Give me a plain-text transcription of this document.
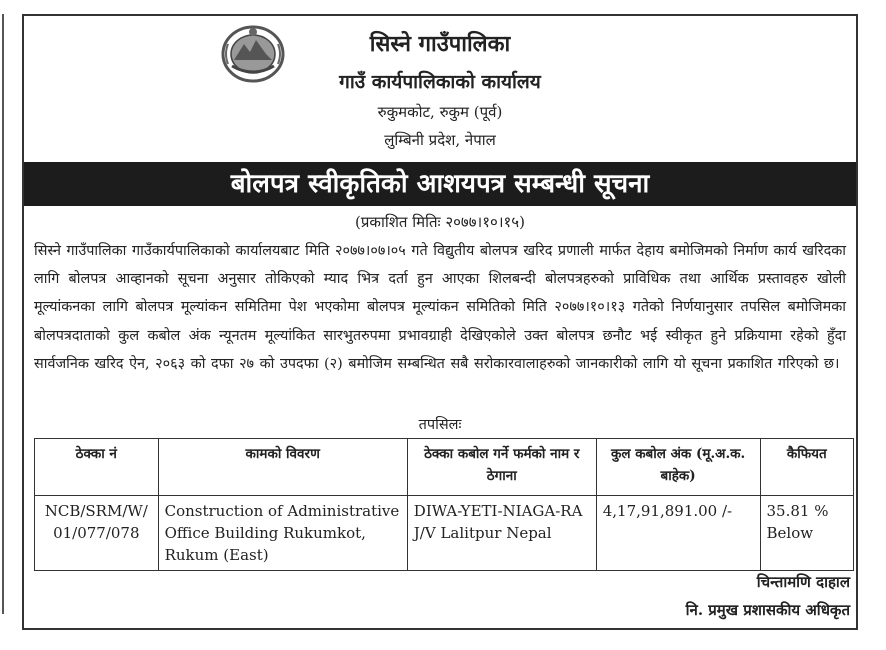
सिस्ने गाउँपालिका
गाउँ कार्यपालिकाको कार्यालय
रुकुमकोट, रुकुम (पूर्व)
लुम्बिनी प्रदेश, नेपाल
बोलपत्र स्वीकृतिको आशयपत्र सम्बन्धी सूचना
(प्रकाशित मितिः २०७७।१०।१५)
सिस्ने गाउँपालिका गाउँकार्यपालिकाको कार्यालयबाट मिति २०७७।०७।०५ गते विद्युतीय बोलपत्र खरिद प्रणाली मार्फत देहाय बमोजिमको निर्माण कार्य खरिदका लागि बोलपत्र आव्हानको सूचना अनुसार तोकिएको म्याद भित्र दर्ता हुन आएका शिलबन्दी बोलपत्रहरुको प्राविधिक तथा आर्थिक प्रस्तावहरु खोली मूल्यांकनका लागि बोलपत्र मूल्यांकन समितिमा पेश भएकोमा बोलपत्र मूल्यांकन समितिको मिति २०७७।१०।१३ गतेको निर्णयानुसार तपसिल बमोजिमका बोलपत्रदाताको कुल कबोल अंक न्यूनतम मूल्यांकित सारभुतरुपमा प्रभावग्राही देखिएकोले उक्त बोलपत्र छनौट भई स्वीकृत हुने प्रक्रियामा रहेको हुँदा सार्वजनिक खरिद ऐन, २०६३ को दफा २७ को उपदफा (२) बमोजिम सम्बन्धित सबै सरोकारवालाहरुको जानकारीको लागि यो सूचना प्रकाशित गरिएको छ।
तपसिलः
ठेक्का नं	कामको विवरण	ठेक्का कबोल गर्ने फर्मको नाम र ठेगाना	कुल कबोल अंक (मू.अ.क. बाहेक)	कैफियत
NCB/SRM/W/ 01/077/078	Construction of Administrative Office Building Rukumkot, Rukum (East)	DIWA-YETI-NIAGA-RA J/V Lalitpur Nepal	4,17,91,891.00 /-	35.81 % Below
चिन्तामणि दाहाल
नि. प्रमुख प्रशासकीय अधिकृत
